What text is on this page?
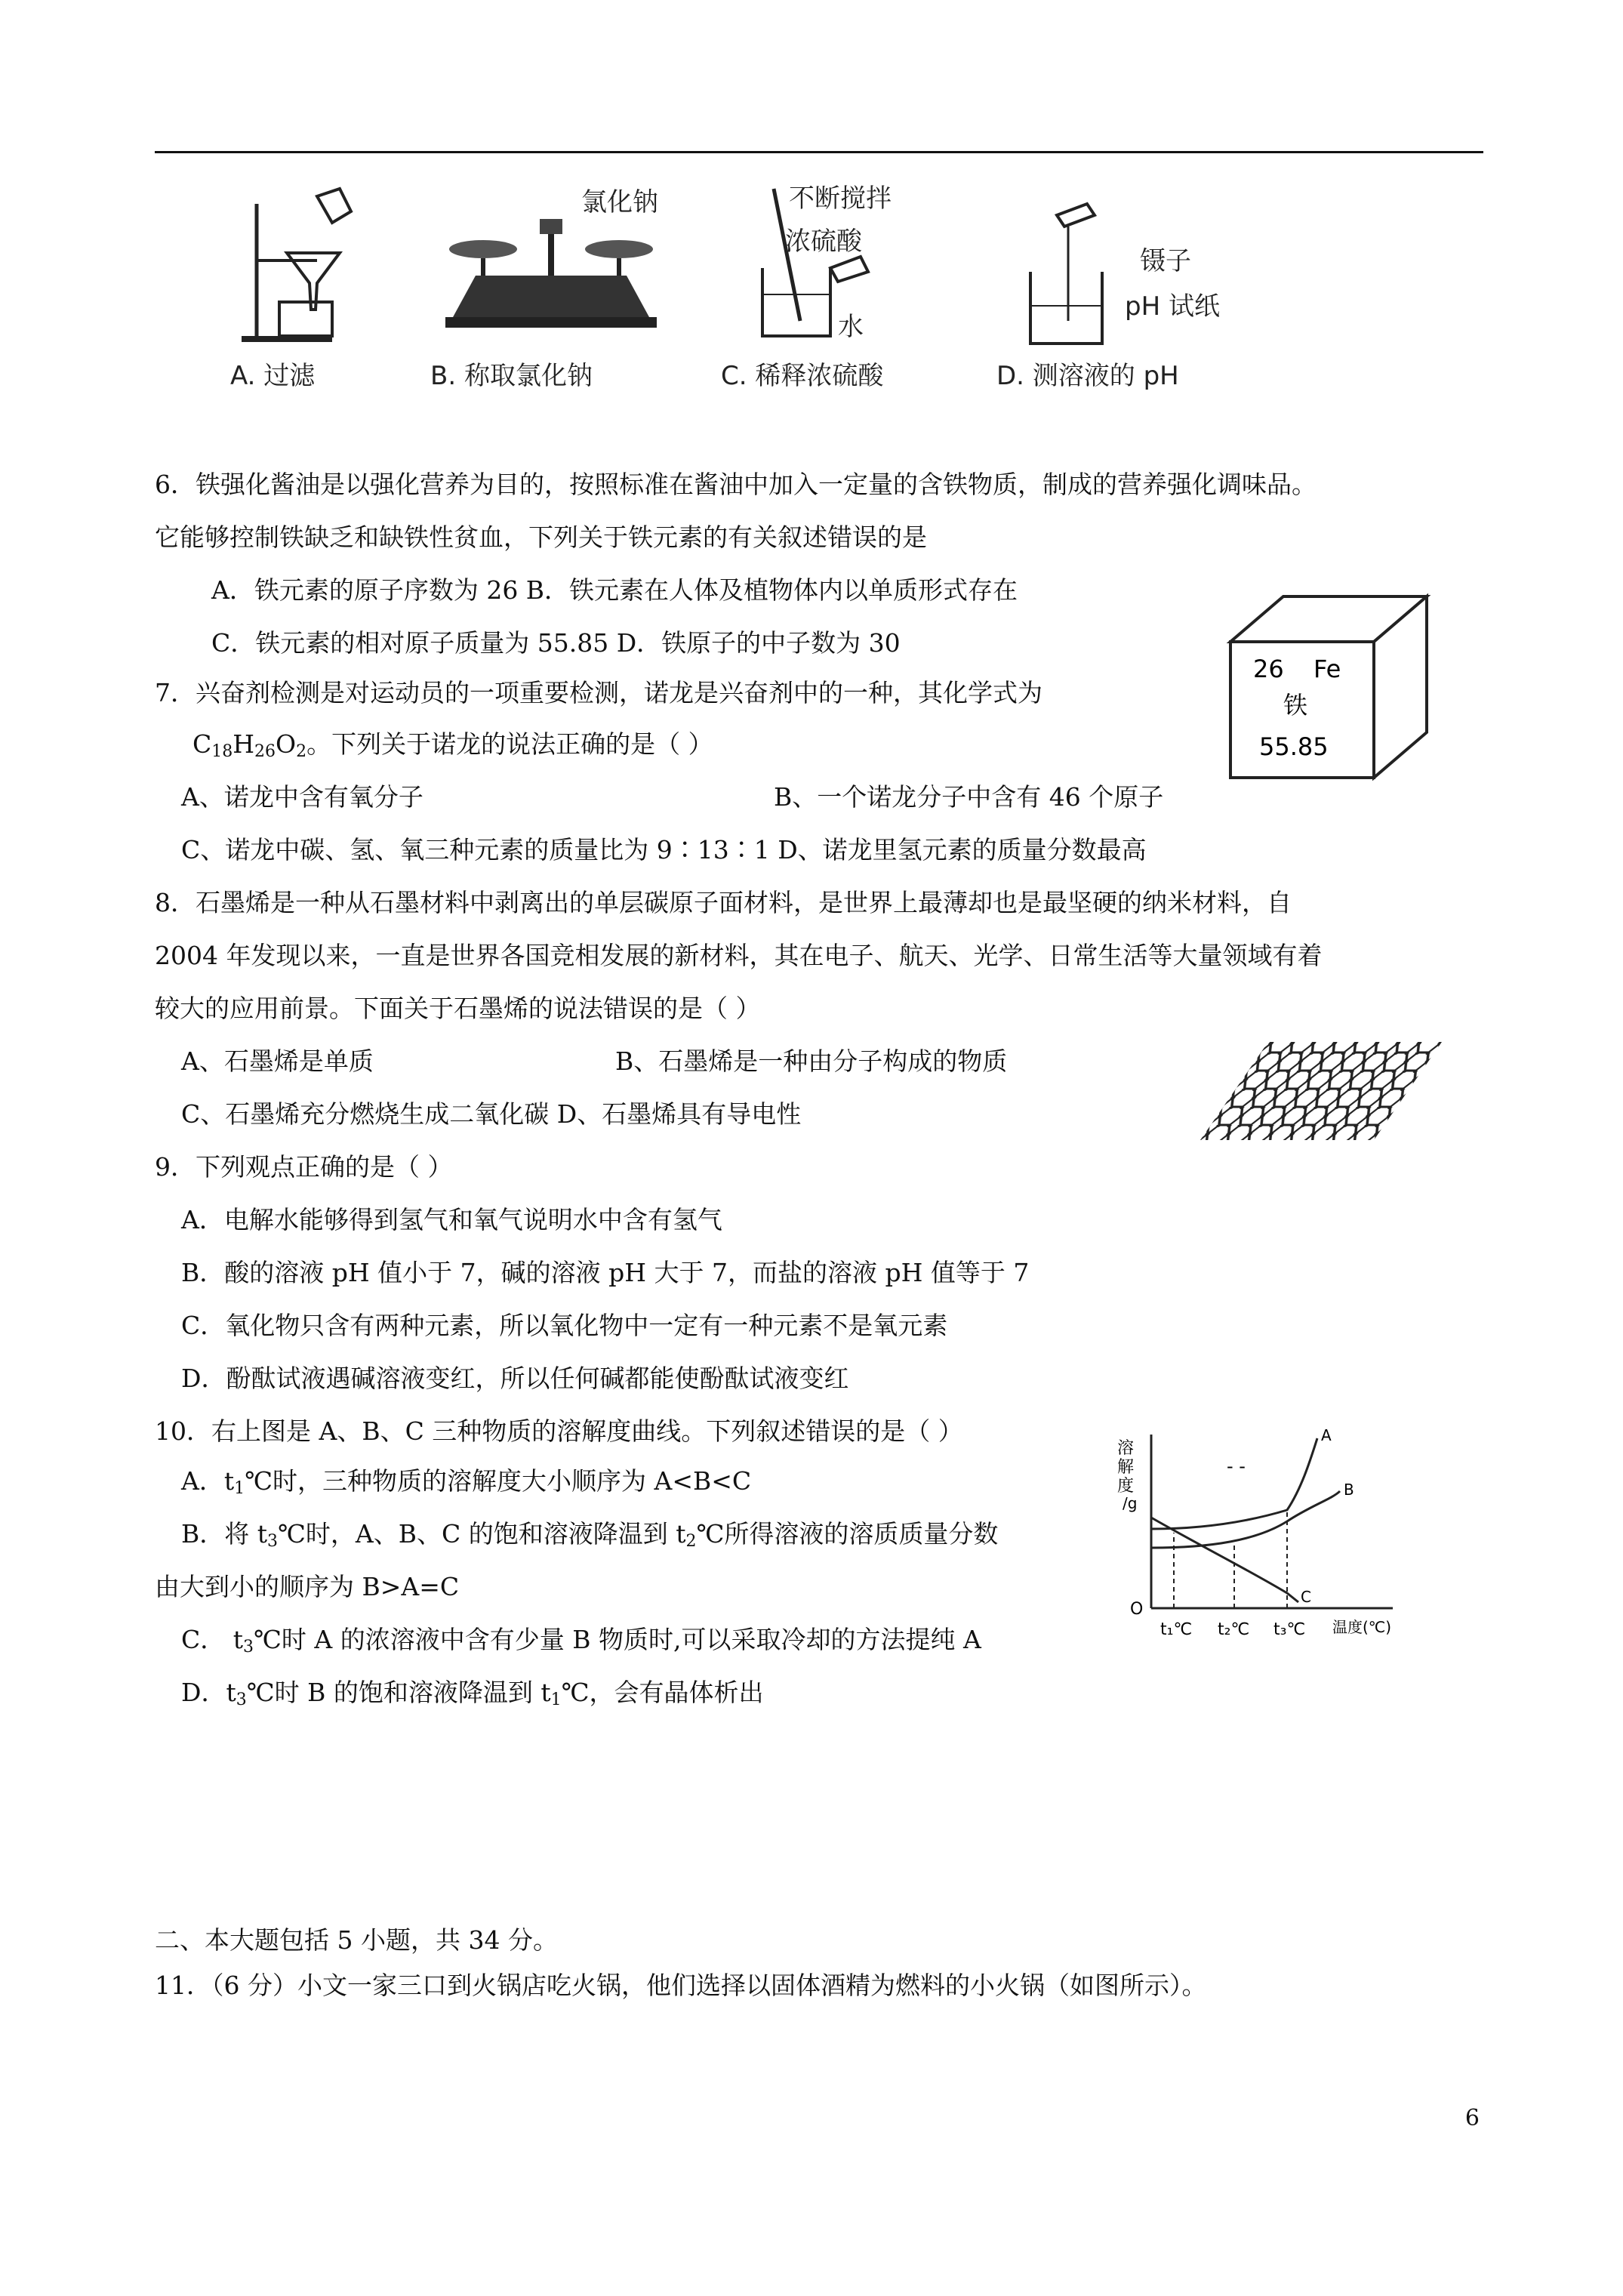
A. 过滤
氯化钠
B. 称取氯化钠
不断搅拌
浓硫酸
水
C. 稀释浓硫酸
镊子
pH 试纸
D. 测溶液的 pH
6．铁强化酱油是以强化营养为目的，按照标准在酱油中加入一定量的含铁物质，制成的营养强化调味品。
它能够控制铁缺乏和缺铁性贫血，下列关于铁元素的有关叙述错误的是
A．铁元素的原子序数为 26 B．铁元素在人体及植物体内以单质形式存在
C．铁元素的相对原子质量为 55.85 D．铁原子的中子数为 30
26 Fe
铁
55.85
7．兴奋剂检测是对运动员的一项重要检测，诺龙是兴奋剂中的一种，其化学式为
$C_{18}H_{26}O_2$。下列关于诺龙的说法正确的是（ ）
A、诺龙中含有氧分子	B、一个诺龙分子中含有 46 个原子
C、诺龙中碳、氢、氧三种元素的质量比为 9∶13∶1 D、诺龙里氢元素的质量分数最高
8．石墨烯是一种从石墨材料中剥离出的单层碳原子面材料，是世界上最薄却也是最坚硬的纳米材料，自
2004 年发现以来，一直是世界各国竞相发展的新材料，其在电子、航天、光学、日常生活等大量领域有着
较大的应用前景。下面关于石墨烯的说法错误的是（ ）
A、石墨烯是单质	B、石墨烯是一种由分子构成的物质
C、石墨烯充分燃烧生成二氧化碳 D、石墨烯具有导电性
9．下列观点正确的是（ ）
A．电解水能够得到氢气和氧气说明水中含有氢气
B．酸的溶液 pH 值小于 7，碱的溶液 pH 大于 7，而盐的溶液 pH 值等于 7
C．氧化物只含有两种元素，所以氧化物中一定有一种元素不是氧元素
D．酚酞试液遇碱溶液变红，所以任何碱都能使酚酞试液变红
10．右上图是 A、B、C 三种物质的溶解度曲线。下列叙述错误的是（ ）
A．$t_1℃$时，三种物质的溶解度大小顺序为 A<B<C
B．将 $t_3℃$时，A、B、C 的饱和溶液降温到 $t_2℃$所得溶液的溶质质量分数
由大到小的顺序为 B>A=C
C． $t_3℃$时 A 的浓溶液中含有少量 B 物质时,可以采取冷却的方法提纯 A
D．$t_3℃$时 B 的饱和溶液降温到 $t_1℃$，会有晶体析出
- -
溶
解
度
/g
O
t₁℃ t₂℃ t₃℃ 温度(℃)
A
B
C
二、本大题包括 5 小题，共 34 分。
11．（6 分）小文一家三口到火锅店吃火锅，他们选择以固体酒精为燃料的小火锅（如图所示）。
6
